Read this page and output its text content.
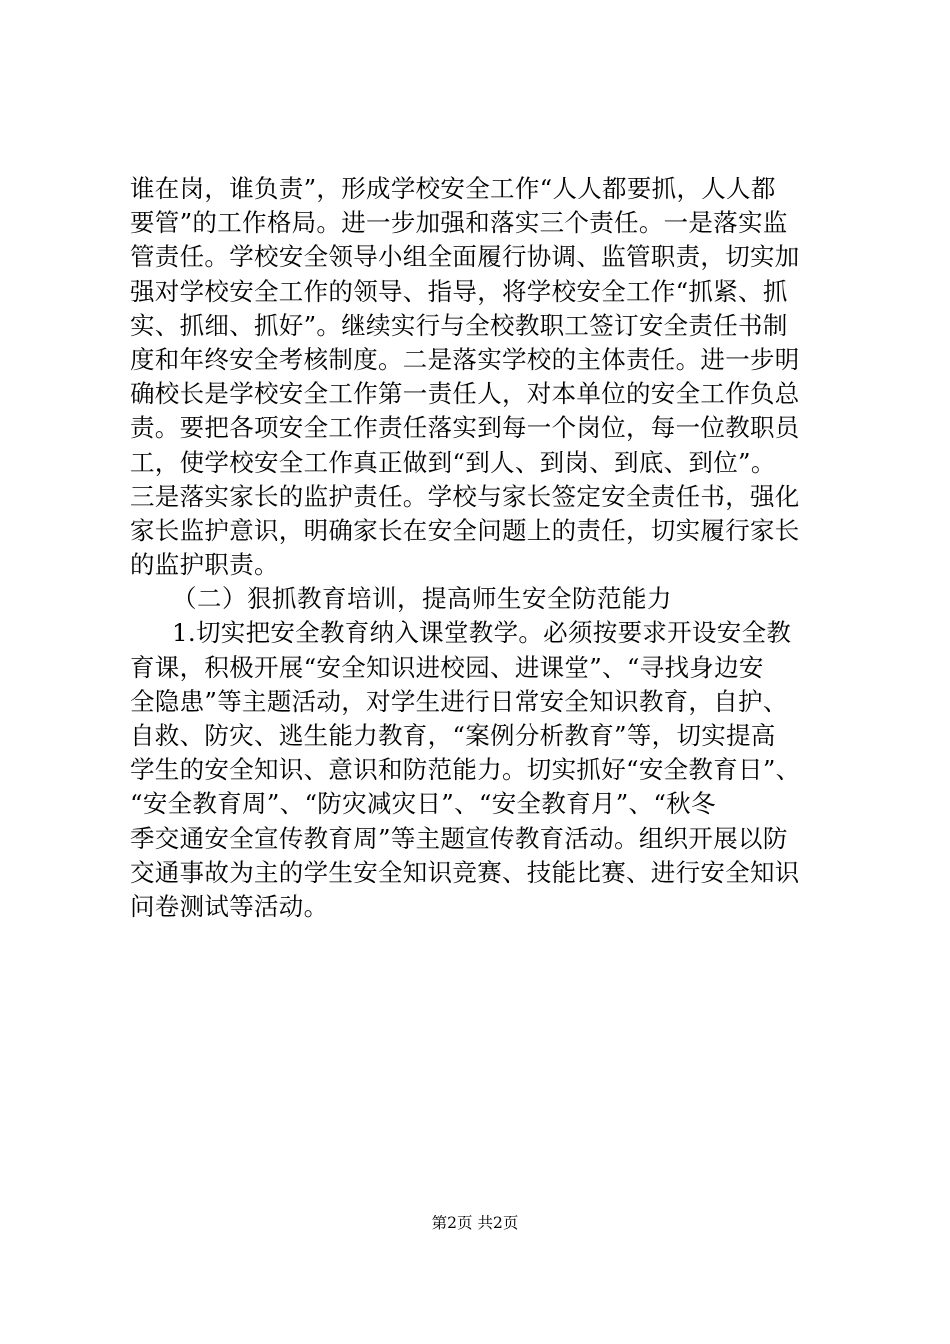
谁在岗，谁负责”，形成学校安全工作“人人都要抓，人人都
要管”的工作格局。进一步加强和落实三个责任。一是落实监
管责任。学校安全领导小组全面履行协调、监管职责，切实加
强对学校安全工作的领导、指导，将学校安全工作“抓紧、抓
实、抓细、抓好”。继续实行与全校教职工签订安全责任书制
度和年终安全考核制度。二是落实学校的主体责任。进一步明
确校长是学校安全工作第一责任人，对本单位的安全工作负总
责。要把各项安全工作责任落实到每一个岗位，每一位教职员
工，使学校安全工作真正做到“到人、到岗、到底、到位”。
三是落实家长的监护责任。学校与家长签定安全责任书，强化
家长监护意识，明确家长在安全问题上的责任，切实履行家长
的监护职责。
（二）狠抓教育培训，提高师生安全防范能力
1.切实把安全教育纳入课堂教学。必须按要求开设安全教
育课，积极开展“安全知识进校园、进课堂”、“寻找身边安
全隐患”等主题活动，对学生进行日常安全知识教育，自护、
自救、防灾、逃生能力教育，“案例分析教育”等，切实提高
学生的安全知识、意识和防范能力。切实抓好“安全教育日”、
“安全教育周”、“防灾减灾日”、“安全教育月”、“秋冬
季交通安全宣传教育周”等主题宣传教育活动。组织开展以防
交通事故为主的学生安全知识竞赛、技能比赛、进行安全知识
问卷测试等活动。
第2页 共2页
